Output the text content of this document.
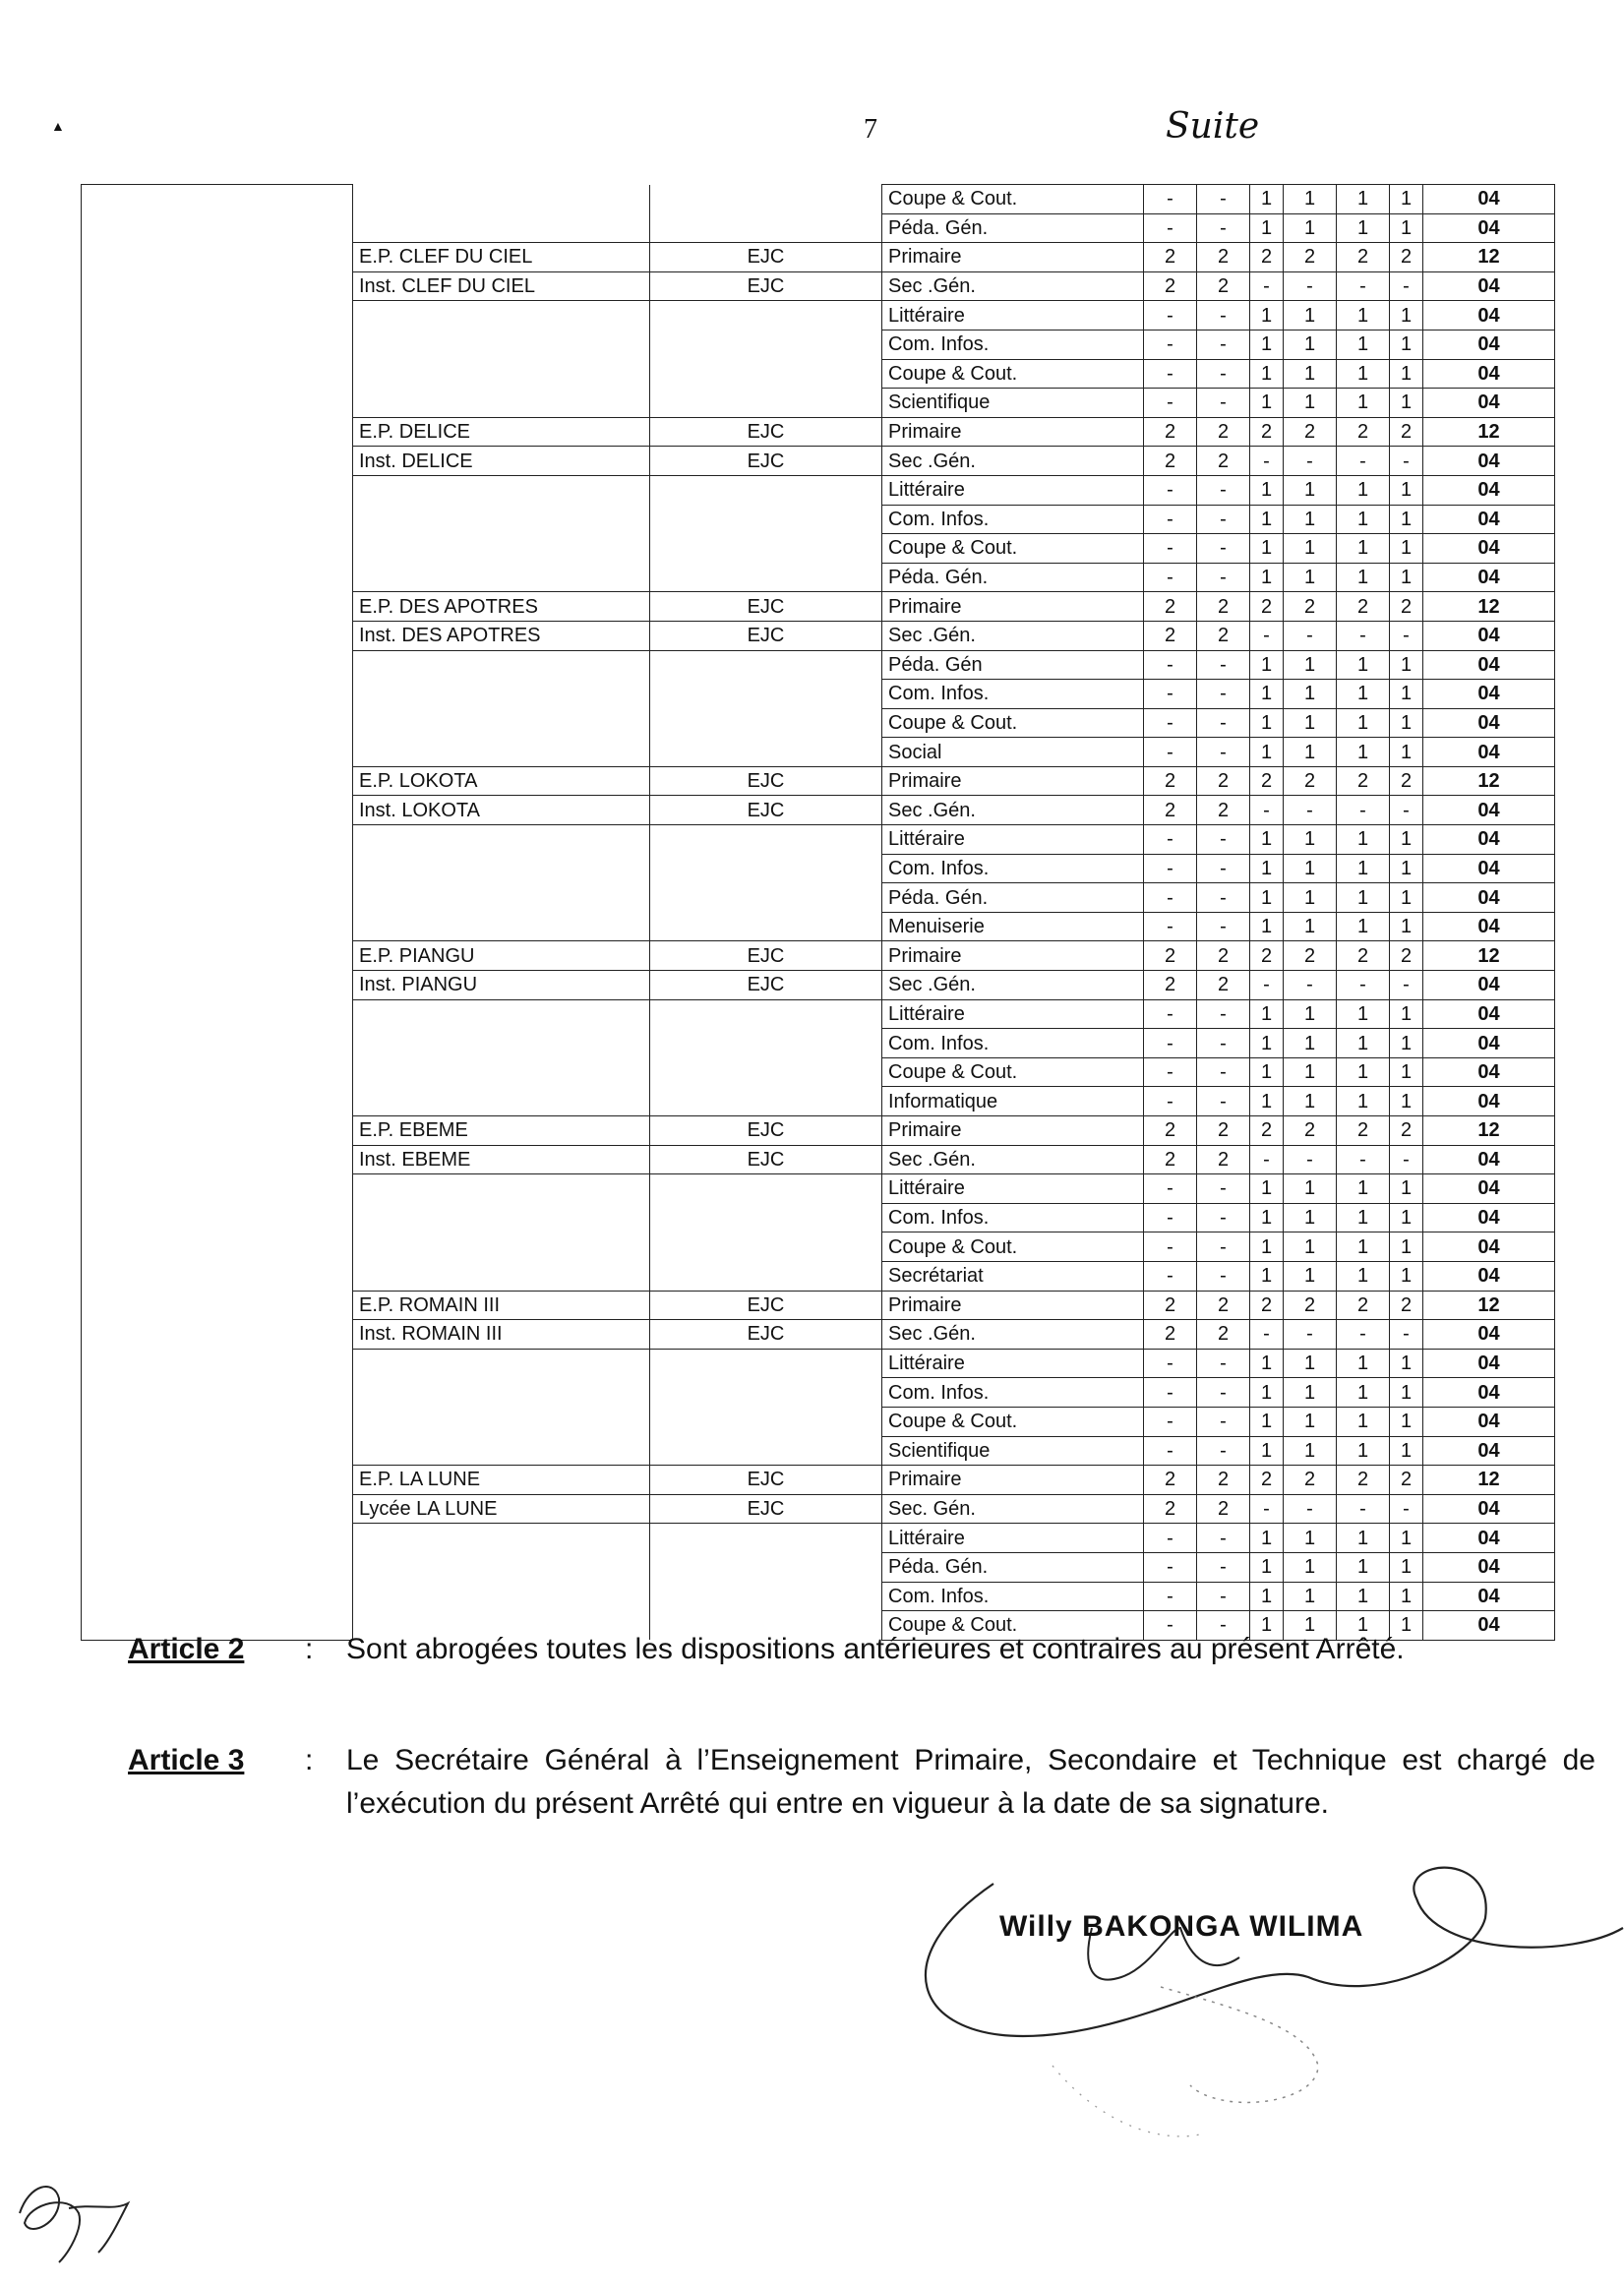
▲	7	Suite
			Coupe & Cout.	-	-	1	1	1	1	04
			Péda. Gén.	-	-	1	1	1	1	04
	E.P. CLEF DU CIEL	EJC	Primaire	2	2	2	2	2	2	12
	Inst. CLEF DU CIEL	EJC	Sec .Gén.	2	2	-	-	-	-	04
			Littéraire	-	-	1	1	1	1	04
			Com. Infos.	-	-	1	1	1	1	04
			Coupe & Cout.	-	-	1	1	1	1	04
			Scientifique	-	-	1	1	1	1	04
	E.P. DELICE	EJC	Primaire	2	2	2	2	2	2	12
	Inst. DELICE	EJC	Sec .Gén.	2	2	-	-	-	-	04
			Littéraire	-	-	1	1	1	1	04
			Com. Infos.	-	-	1	1	1	1	04
			Coupe & Cout.	-	-	1	1	1	1	04
			Péda. Gén.	-	-	1	1	1	1	04
	E.P. DES APOTRES	EJC	Primaire	2	2	2	2	2	2	12
	Inst. DES APOTRES	EJC	Sec .Gén.	2	2	-	-	-	-	04
			Péda. Gén	-	-	1	1	1	1	04
			Com. Infos.	-	-	1	1	1	1	04
			Coupe & Cout.	-	-	1	1	1	1	04
			Social	-	-	1	1	1	1	04
	E.P. LOKOTA	EJC	Primaire	2	2	2	2	2	2	12
	Inst. LOKOTA	EJC	Sec .Gén.	2	2	-	-	-	-	04
			Littéraire	-	-	1	1	1	1	04
			Com. Infos.	-	-	1	1	1	1	04
			Péda. Gén.	-	-	1	1	1	1	04
			Menuiserie	-	-	1	1	1	1	04
	E.P. PIANGU	EJC	Primaire	2	2	2	2	2	2	12
	Inst. PIANGU	EJC	Sec .Gén.	2	2	-	-	-	-	04
			Littéraire	-	-	1	1	1	1	04
			Com. Infos.	-	-	1	1	1	1	04
			Coupe & Cout.	-	-	1	1	1	1	04
			Informatique	-	-	1	1	1	1	04
	E.P. EBEME	EJC	Primaire	2	2	2	2	2	2	12
	Inst. EBEME	EJC	Sec .Gén.	2	2	-	-	-	-	04
			Littéraire	-	-	1	1	1	1	04
			Com. Infos.	-	-	1	1	1	1	04
			Coupe & Cout.	-	-	1	1	1	1	04
			Secrétariat	-	-	1	1	1	1	04
	E.P. ROMAIN III	EJC	Primaire	2	2	2	2	2	2	12
	Inst. ROMAIN III	EJC	Sec .Gén.	2	2	-	-	-	-	04
			Littéraire	-	-	1	1	1	1	04
			Com. Infos.	-	-	1	1	1	1	04
			Coupe & Cout.	-	-	1	1	1	1	04
			Scientifique	-	-	1	1	1	1	04
	E.P. LA LUNE	EJC	Primaire	2	2	2	2	2	2	12
	Lycée LA LUNE	EJC	Sec. Gén.	2	2	-	-	-	-	04
			Littéraire	-	-	1	1	1	1	04
			Péda. Gén.	-	-	1	1	1	1	04
			Com. Infos.	-	-	1	1	1	1	04
			Coupe & Cout.	-	-	1	1	1	1	04
Article 2	: Sont abrogées toutes les dispositions antérieures et contraires au présent Arrêté.
Article 3	: Le Secrétaire Général à l’Enseignement Primaire, Secondaire et Technique est chargé de l’exécution du présent Arrêté qui entre en vigueur à la date de sa signature.
Willy BAKONGA WILIMA
